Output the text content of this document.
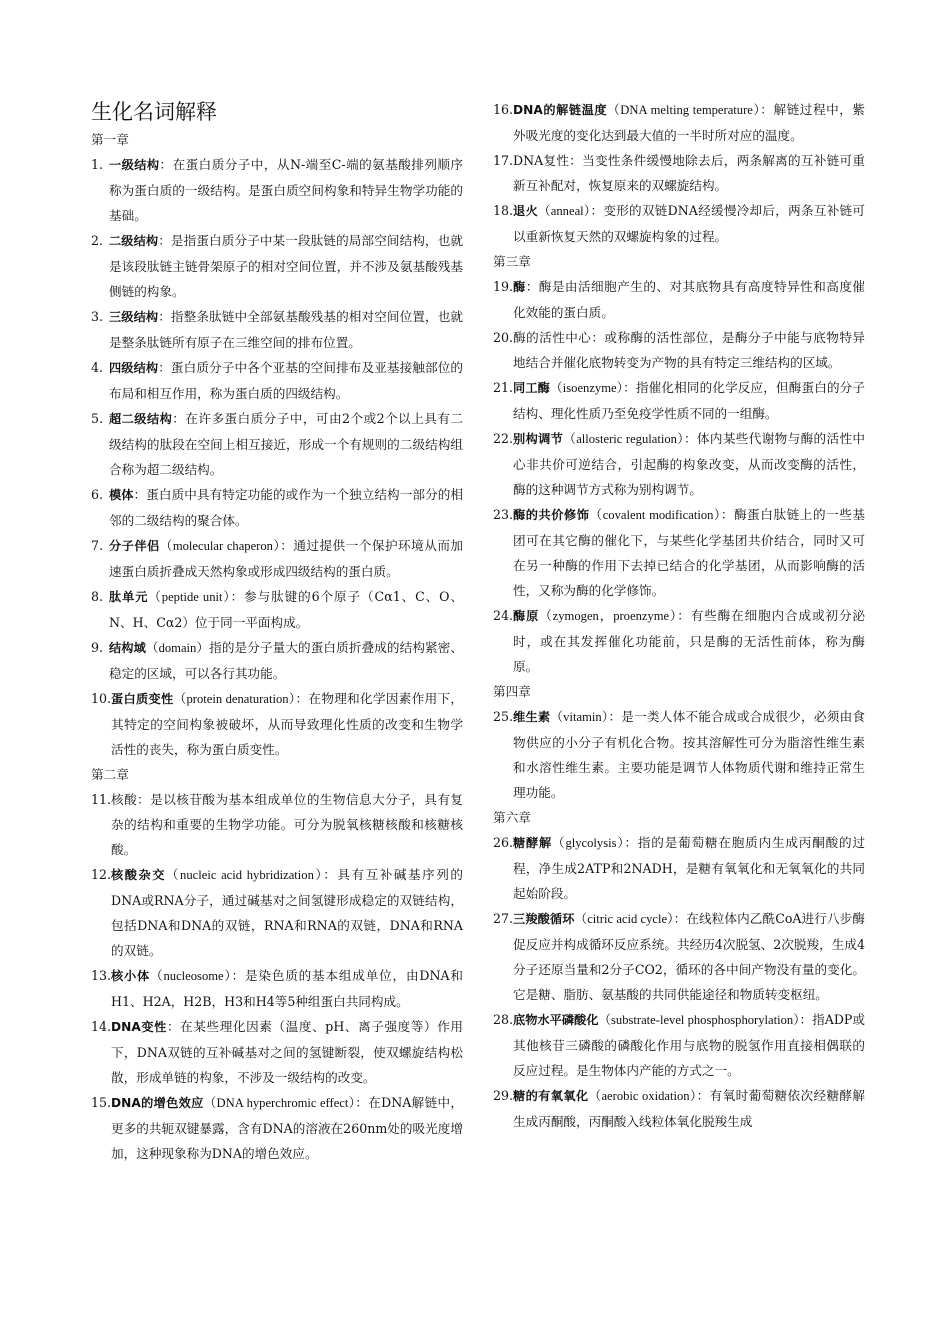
生化名词解释
第一章
1. 一级结构：在蛋白质分子中，从N-端至C-端的氨基酸排列顺序称为蛋白质的一级结构。是蛋白质空间构象和特异生物学功能的基础。
2. 二级结构：是指蛋白质分子中某一段肽链的局部空间结构，也就是该段肽链主链骨架原子的相对空间位置，并不涉及氨基酸残基侧链的构象。
3. 三级结构：指整条肽链中全部氨基酸残基的相对空间位置，也就是整条肽链所有原子在三维空间的排布位置。
4. 四级结构：蛋白质分子中各个亚基的空间排布及亚基接触部位的布局和相互作用，称为蛋白质的四级结构。
5. 超二级结构：在许多蛋白质分子中，可由2个或2个以上具有二级结构的肽段在空间上相互接近，形成一个有规则的二级结构组合称为超二级结构。
6. 模体：蛋白质中具有特定功能的或作为一个独立结构一部分的相邻的二级结构的聚合体。
7. 分子伴侣（molecular chaperon）：通过提供一个保护环境从而加速蛋白质折叠成天然构象或形成四级结构的蛋白质。
8. 肽单元（peptide unit）：参与肽键的6个原子（Cα1、C、O、N、H、Cα2）位于同一平面构成。
9. 结构域（domain）指的是分子量大的蛋白质折叠成的结构紧密、稳定的区域，可以各行其功能。
10. 蛋白质变性（protein denaturation）：在物理和化学因素作用下，其特定的空间构象被破坏，从而导致理化性质的改变和生物学活性的丧失，称为蛋白质变性。
第二章
11. 核酸：是以核苷酸为基本组成单位的生物信息大分子，具有复杂的结构和重要的生物学功能。可分为脱氧核糖核酸和核糖核酸。
12. 核酸杂交（nucleic acid hybridization）：具有互补碱基序列的DNA或RNA分子，通过碱基对之间氢键形成稳定的双链结构，包括DNA和DNA的双链，RNA和RNA的双链，DNA和RNA的双链。
13. 核小体（nucleosome）：是染色质的基本组成单位，由DNA和H1、H2A，H2B，H3和H4等5种组蛋白共同构成。
14. DNA变性：在某些理化因素（温度、pH、离子强度等）作用下，DNA双链的互补碱基对之间的氢键断裂，使双螺旋结构松散，形成单链的构象，不涉及一级结构的改变。
15. DNA的增色效应（DNA hyperchromic effect）：在DNA解链中，更多的共轭双键暴露，含有DNA的溶液在260nm处的吸光度增加，这种现象称为DNA的增色效应。
16. DNA的解链温度（DNA melting temperature）：解链过程中，紫外吸光度的变化达到最大值的一半时所对应的温度。
17. DNA复性：当变性条件缓慢地除去后，两条解离的互补链可重新互补配对，恢复原来的双螺旋结构。
18. 退火（anneal）：变形的双链DNA经缓慢冷却后，两条互补链可以重新恢复天然的双螺旋构象的过程。
第三章
19. 酶：酶是由活细胞产生的、对其底物具有高度特异性和高度催化效能的蛋白质。
20. 酶的活性中心：或称酶的活性部位，是酶分子中能与底物特异地结合并催化底物转变为产物的具有特定三维结构的区域。
21. 同工酶（isoenzyme）：指催化相同的化学反应，但酶蛋白的分子结构、理化性质乃至免疫学性质不同的一组酶。
22. 别构调节（allosteric regulation）：体内某些代谢物与酶的活性中心非共价可逆结合，引起酶的构象改变，从而改变酶的活性，酶的这种调节方式称为别构调节。
23. 酶的共价修饰（covalent modification）：酶蛋白肽链上的一些基团可在其它酶的催化下，与某些化学基团共价结合，同时又可在另一种酶的作用下去掉已结合的化学基团，从而影响酶的活性，又称为酶的化学修饰。
24. 酶原（zymogen，proenzyme）：有些酶在细胞内合成或初分泌时，或在其发挥催化功能前，只是酶的无活性前体，称为酶原。
第四章
25. 维生素（vitamin）：是一类人体不能合成或合成很少，必须由食物供应的小分子有机化合物。按其溶解性可分为脂溶性维生素和水溶性维生素。主要功能是调节人体物质代谢和维持正常生理功能。
第六章
26. 糖酵解（glycolysis）：指的是葡萄糖在胞质内生成丙酮酸的过程，净生成2ATP和2NADH，是糖有氧氧化和无氧氧化的共同起始阶段。
27. 三羧酸循环（citric acid cycle）：在线粒体内乙酰CoA进行八步酶促反应并构成循环反应系统。共经历4次脱氢、2次脱羧，生成4分子还原当量和2分子CO2，循环的各中间产物没有量的变化。它是糖、脂肪、氨基酸的共同供能途径和物质转变枢纽。
28. 底物水平磷酸化（substrate-level phosphosphorylation）：指ADP或其他核苷三磷酸的磷酸化作用与底物的脱氢作用直接相偶联的反应过程。是生物体内产能的方式之一。
29. 糖的有氧氧化（aerobic oxidation）：有氧时葡萄糖依次经糖酵解生成丙酮酸，丙酮酸入线粒体氧化脱羧生成
